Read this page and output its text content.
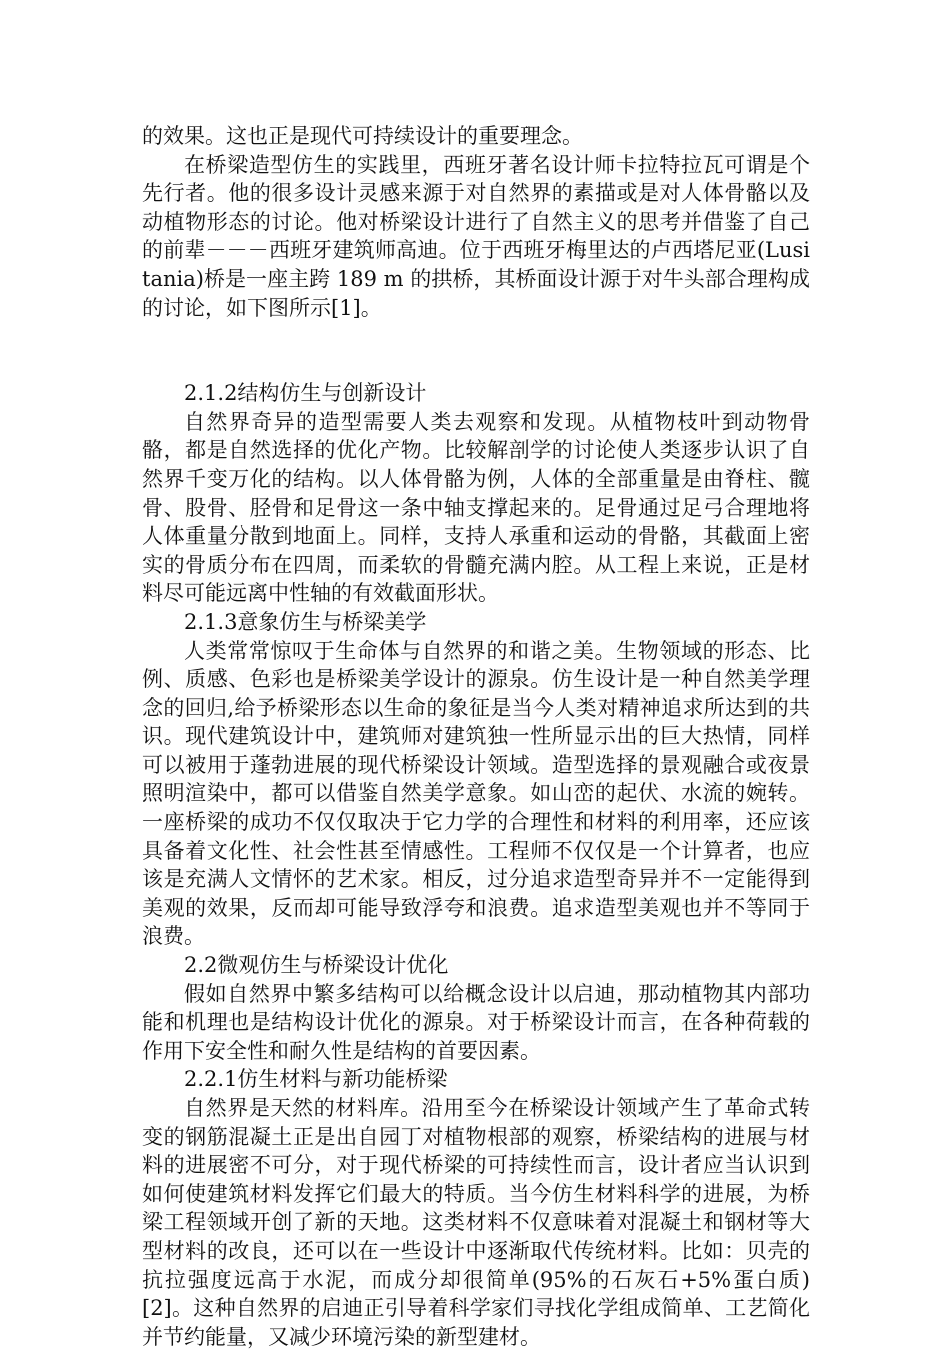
的效果。这也正是现代可持续设计的重要理念。

在桥梁造型仿生的实践里，西班牙著名设计师卡拉特拉瓦可谓是个先行者。他的很多设计灵感来源于对自然界的素描或是对人体骨骼以及动植物形态的讨论。他对桥梁设计进行了自然主义的思考并借鉴了自己的前辈－－－西班牙建筑师高迪。位于西班牙梅里达的卢西塔尼亚(Lusitania)桥是一座主跨 189 m 的拱桥，其桥面设计源于对牛头部合理构成的讨论，如下图所示[1]。

2.1.2结构仿生与创新设计

自然界奇异的造型需要人类去观察和发现。从植物枝叶到动物骨骼，都是自然选择的优化产物。比较解剖学的讨论使人类逐步认识了自然界千变万化的结构。以人体骨骼为例，人体的全部重量是由脊柱、髋骨、股骨、胫骨和足骨这一条中轴支撑起来的。足骨通过足弓合理地将人体重量分散到地面上。同样，支持人承重和运动的骨骼，其截面上密实的骨质分布在四周，而柔软的骨髓充满内腔。从工程上来说，正是材料尽可能远离中性轴的有效截面形状。

2.1.3意象仿生与桥梁美学

人类常常惊叹于生命体与自然界的和谐之美。生物领域的形态、比例、质感、色彩也是桥梁美学设计的源泉。仿生设计是一种自然美学理念的回归,给予桥梁形态以生命的象征是当今人类对精神追求所达到的共识。现代建筑设计中，建筑师对建筑独一性所显示出的巨大热情，同样可以被用于蓬勃进展的现代桥梁设计领域。造型选择的景观融合或夜景照明渲染中，都可以借鉴自然美学意象。如山峦的起伏、水流的婉转。一座桥梁的成功不仅仅取决于它力学的合理性和材料的利用率，还应该具备着文化性、社会性甚至情感性。工程师不仅仅是一个计算者，也应该是充满人文情怀的艺术家。相反，过分追求造型奇异并不一定能得到美观的效果，反而却可能导致浮夸和浪费。追求造型美观也并不等同于浪费。

2.2微观仿生与桥梁设计优化

假如自然界中繁多结构可以给概念设计以启迪，那动植物其内部功能和机理也是结构设计优化的源泉。对于桥梁设计而言，在各种荷载的作用下安全性和耐久性是结构的首要因素。

2.2.1仿生材料与新功能桥梁

自然界是天然的材料库。沿用至今在桥梁设计领域产生了革命式转变的钢筋混凝土正是出自园丁对植物根部的观察，桥梁结构的进展与材料的进展密不可分，对于现代桥梁的可持续性而言，设计者应当认识到如何使建筑材料发挥它们最大的特质。当今仿生材料科学的进展，为桥梁工程领域开创了新的天地。这类材料不仅意味着对混凝土和钢材等大型材料的改良，还可以在一些设计中逐渐取代传统材料。比如：贝壳的抗拉强度远高于水泥，而成分却很简单(95%的石灰石+5%蛋白质)[2]。这种自然界的启迪正引导着科学家们寻找化学组成简单、工艺简化并节约能量，又减少环境污染的新型建材。
